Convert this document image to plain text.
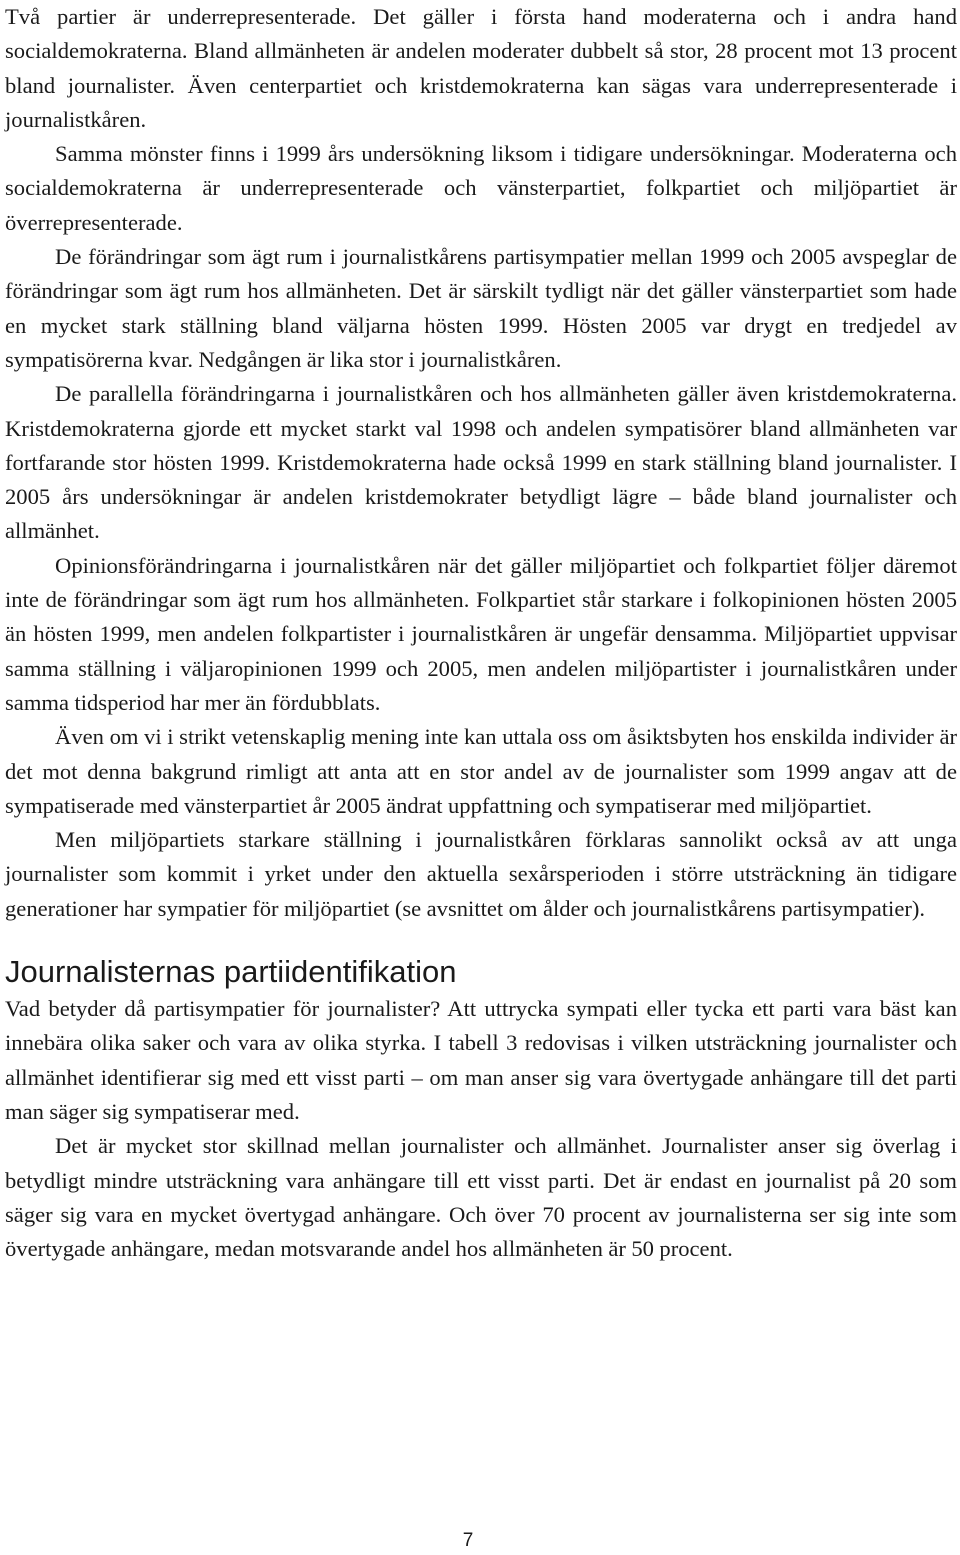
Två partier är underrepresenterade. Det gäller i första hand moderaterna och i andra hand socialdemokraterna. Bland allmänheten är andelen moderater dubbelt så stor, 28 procent mot 13 procent bland journalister. Även centerpartiet och kristdemokraterna kan sägas vara underrepresenterade i journalistkåren.

Samma mönster finns i 1999 års undersökning liksom i tidigare undersökningar. Moderaterna och socialdemokraterna är underrepresenterade och vänsterpartiet, folkpartiet och miljöpartiet är överrepresenterade.

De förändringar som ägt rum i journalistkårens partisympatier mellan 1999 och 2005 avspeglar de förändringar som ägt rum hos allmänheten. Det är särskilt tydligt när det gäller vänsterpartiet som hade en mycket stark ställning bland väljarna hösten 1999. Hösten 2005 var drygt en tredjedel av sympatisörerna kvar. Nedgången är lika stor i journalistkåren.

De parallella förändringarna i journalistkåren och hos allmänheten gäller även kristdemokraterna. Kristdemokraterna gjorde ett mycket starkt val 1998 och andelen sympatisörer bland allmänheten var fortfarande stor hösten 1999. Kristdemokraterna hade också 1999 en stark ställning bland journalister. I 2005 års undersökningar är andelen kristdemokrater betydligt lägre – både bland journalister och allmänhet.

Opinionsförändringarna i journalistkåren när det gäller miljöpartiet och folkpartiet följer däremot inte de förändringar som ägt rum hos allmänheten. Folkpartiet står starkare i folkopinionen hösten 2005 än hösten 1999, men andelen folkpartister i journalistkåren är ungefär densamma. Miljöpartiet uppvisar samma ställning i väljaropinionen 1999 och 2005, men andelen miljöpartister i journalistkåren under samma tidsperiod har mer än fördubblats.

Även om vi i strikt vetenskaplig mening inte kan uttala oss om åsiktsbyten hos enskilda individer är det mot denna bakgrund rimligt att anta att en stor andel av de journalister som 1999 angav att de sympatiserade med vänsterpartiet år 2005 ändrat uppfattning och sympatiserar med miljöpartiet.

Men miljöpartiets starkare ställning i journalistkåren förklaras sannolikt också av att unga journalister som kommit i yrket under den aktuella sexårsperioden i större utsträckning än tidigare generationer har sympatier för miljöpartiet (se avsnittet om ålder och journalistkårens partisympatier).

Journalisternas partiidentifikation

Vad betyder då partisympatier för journalister? Att uttrycka sympati eller tycka ett parti vara bäst kan innebära olika saker och vara av olika styrka. I tabell 3 redovisas i vilken utsträckning journalister och allmänhet identifierar sig med ett visst parti – om man anser sig vara övertygade anhängare till det parti man säger sig sympatiserar med.

Det är mycket stor skillnad mellan journalister och allmänhet. Journalister anser sig överlag i betydligt mindre utsträckning vara anhängare till ett visst parti. Det är endast en journalist på 20 som säger sig vara en mycket övertygad anhängare. Och över 70 procent av journalisterna ser sig inte som övertygade anhängare, medan motsvarande andel hos allmänheten är 50 procent.

7
